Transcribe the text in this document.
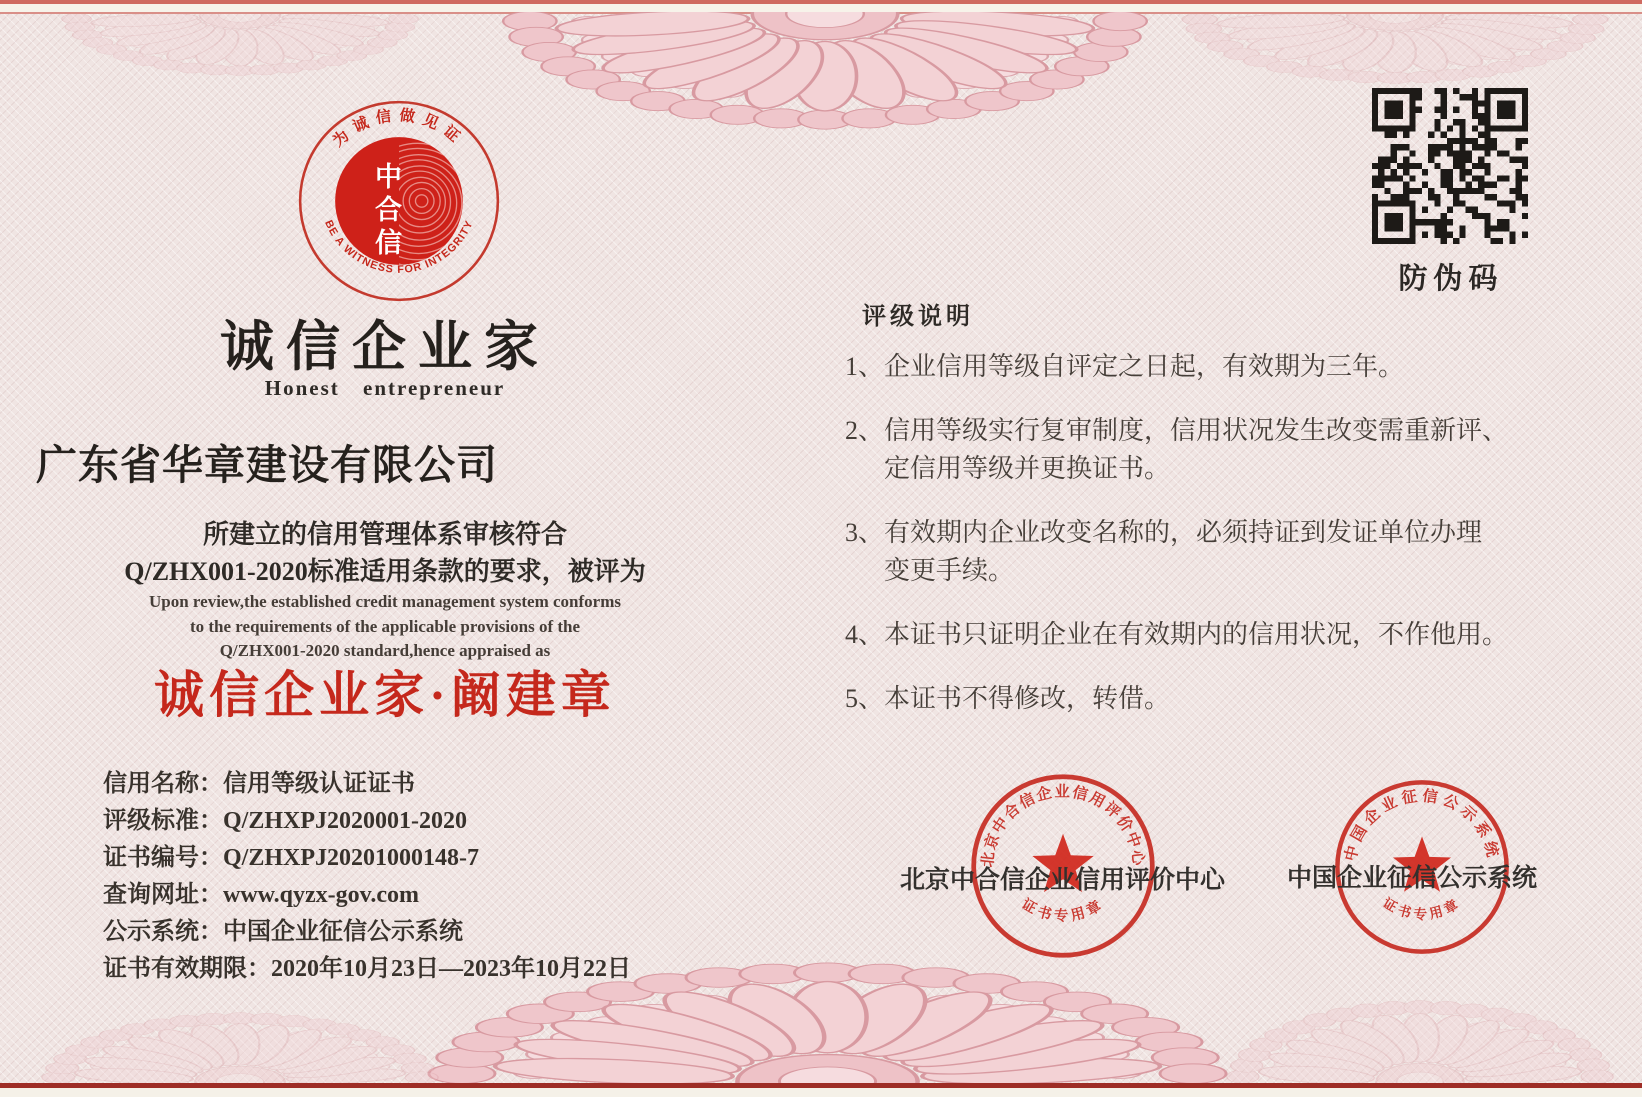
为诚信做见证
BE A WITNESS FOR INTEGRITY
中合信
诚信企业家
Honest entrepreneur
广东省华章建设有限公司
所建立的信用管理体系审核符合
Q/ZHX001-2020标准适用条款的要求，被评为
Upon review,the established credit management system conforms
to the requirements of the applicable provisions of the
Q/ZHX001-2020 standard,hence appraised as
诚信企业家·阚建章
信用名称：信用等级认证证书
评级标准：Q/ZHXPJ2020001-2020
证书编号：Q/ZHXPJ20201000148-7
查询网址：www.qyzx-gov.com
公示系统：中国企业征信公示系统
证书有效期限：2020年10月23日—2023年10月22日
防伪码
评级说明
1、企业信用等级自评定之日起，有效期为三年。
2、信用等级实行复审制度，信用状况发生改变需重新评、
定信用等级并更换证书。
3、有效期内企业改变名称的，必须持证到发证单位办理
变更手续。
4、本证书只证明企业在有效期内的信用状况，不作他用。
5、本证书不得修改，转借。
北京中合信企业信用评价中心
证书专用章
中国企业征信公示系统
证书专用章
北京中合信企业信用评价中心	中国企业征信公示系统
